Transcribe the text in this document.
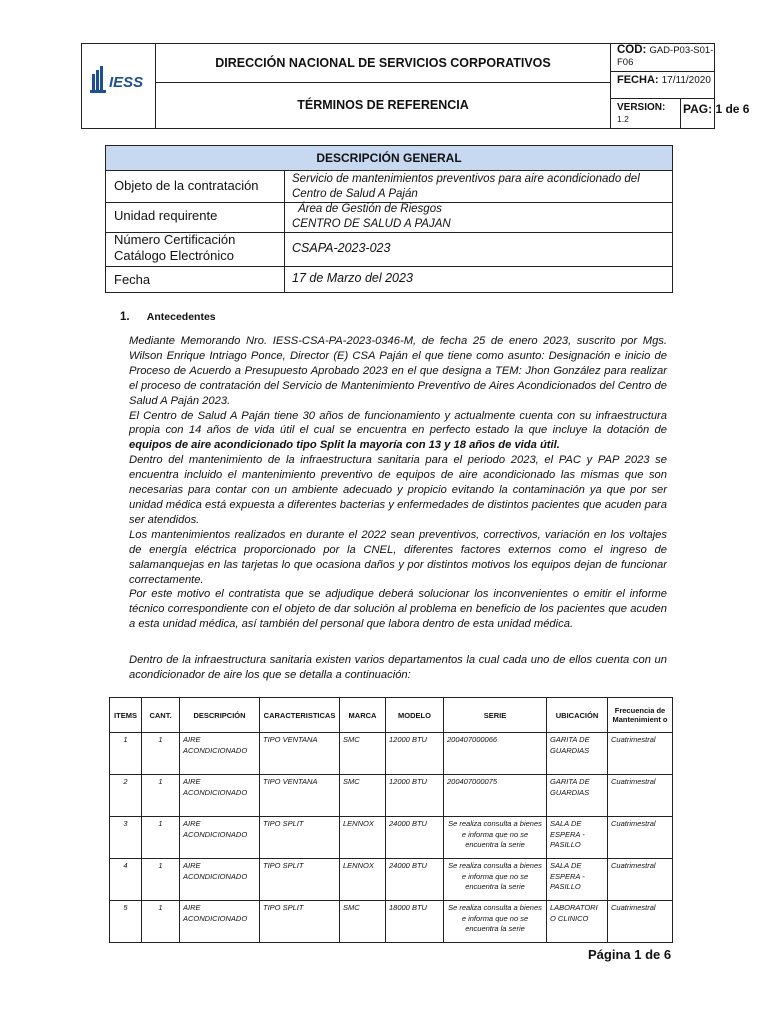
IESS
DIRECCIÓN NACIONAL DE SERVICIOS CORPORATIVOS
TÉRMINOS DE REFERENCIA
COD: GAD-P03-S01-F06
FECHA: 17/11/2020
VERSION: 1.2
PAG: 1 de 6
DESCRIPCIÓN GENERAL
Objeto de la contratación	Servicio de mantenimientos preventivos para aire acondicionado del
Centro de Salud A Paján
Unidad requirente	Área de Gestión de Riesgos
CENTRO DE SALUD A PAJAN
Número Certificación
Catálogo Electrónico	CSAPA-2023-023
Fecha	17 de Marzo del 2023
1. Antecedentes
Mediante Memorando Nro. IESS-CSA-PA-2023-0346-M, de fecha 25 de enero 2023, suscrito por Mgs. Wilson Enrique Intriago Ponce, Director (E) CSA Paján el que tiene como asunto: Designación e inicio de Proceso de Acuerdo a Presupuesto Aprobado 2023 en el que designa a TEM: Jhon González para realizar el proceso de contratación del Servicio de Mantenimiento Preventivo de Aires Acondicionados del Centro de Salud A Paján 2023.
El Centro de Salud A Paján tiene 30 años de funcionamiento y actualmente cuenta con su infraestructura propia con 14 años de vida útil el cual se encuentra en perfecto estado la que incluye la dotación de equipos de aire acondicionado tipo Split la mayoría con 13 y 18 años de vida útil.
Dentro del mantenimiento de la infraestructura sanitaria para el periodo 2023, el PAC y PAP 2023 se encuentra incluido el mantenimiento preventivo de equipos de aire acondicionado las mismas que son necesarias para contar con un ambiente adecuado y propicio evitando la contaminación ya que por ser unidad médica está expuesta a diferentes bacterias y enfermedades de distintos pacientes que acuden para ser atendidos.
Los mantenimientos realizados en durante el 2022 sean preventivos, correctivos, variación en los voltajes de energía eléctrica proporcionado por la CNEL, diferentes factores externos como el ingreso de salamanquejas en las tarjetas lo que ocasiona daños y por distintos motivos los equipos dejan de funcionar correctamente.
Por este motivo el contratista que se adjudique deberá solucionar los inconvenientes o emitir el informe técnico correspondiente con el objeto de dar solución al problema en beneficio de los pacientes que acuden a esta unidad médica, así también del personal que labora dentro de esta unidad médica.
Dentro de la infraestructura sanitaria existen varios departamentos la cual cada uno de ellos cuenta con un acondicionador de aire los que se detalla a continuación:
ITEMS	CANT.	DESCRIPCIÓN	CARACTERISTICAS	MARCA	MODELO	SERIE	UBICACIÓN	Frecuencia de Mantenimient o
1	1	AIRE ACONDICIONADO	TIPO VENTANA	SMC	12000 BTU	200407000066	GARITA DE GUARDIAS	Cuatrimestral
2	1	AIRE ACONDICIONADO	TIPO VENTANA	SMC	12000 BTU	200407000075	GARITA DE GUARDIAS	Cuatrimestral
3	1	AIRE ACONDICIONADO	TIPO SPLIT	LENNOX	24000 BTU	Se realiza consulta a bienes e informa que no se encuentra la serie	SALA DE ESPERA - PASILLO	Cuatrimestral
4	1	AIRE ACONDICIONADO	TIPO SPLIT	LENNOX	24000 BTU	Se realiza consulta a bienes e informa que no se encuentra la serie	SALA DE ESPERA - PASILLO	Cuatrimestral
5	1	AIRE ACONDICIONADO	TIPO SPLIT	SMC	18000 BTU	Se realiza consulta a bienes e informa que no se encuentra la serie	LABORATORI O CLINICO	Cuatrimestral
Página 1 de 6
